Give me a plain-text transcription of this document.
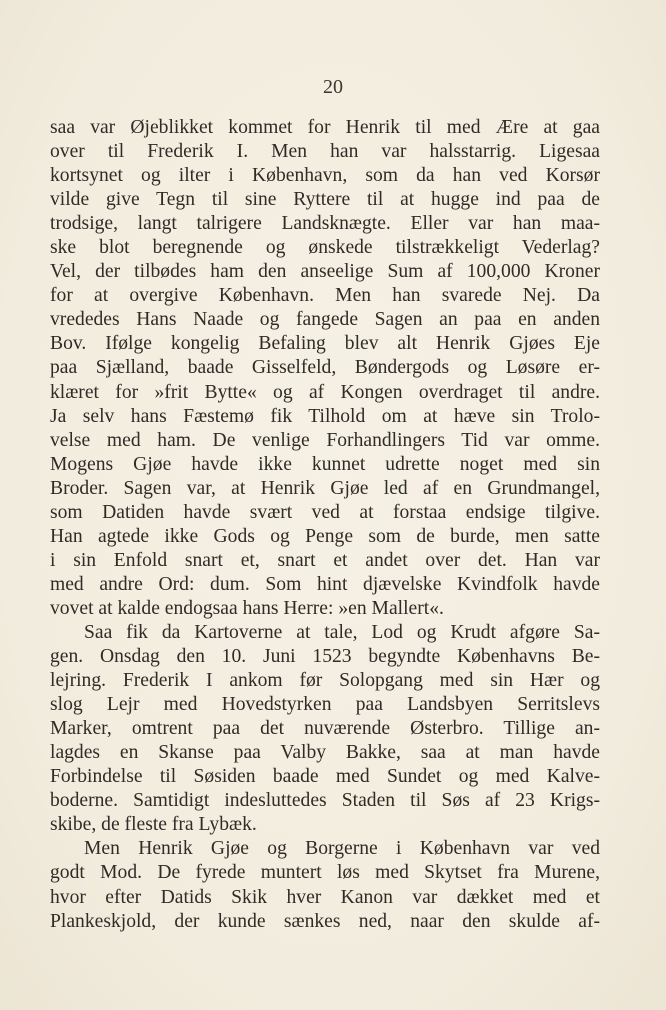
20
saa var Øjeblikket kommet for Henrik til med Ære at gaa
over til Frederik I. Men han var halsstarrig. Ligesaa
kortsynet og ilter i København, som da han ved Korsør
vilde give Tegn til sine Ryttere til at hugge ind paa de
trodsige, langt talrigere Landsknægte. Eller var han maa-
ske blot beregnende og ønskede tilstrækkeligt Vederlag?
Vel, der tilbødes ham den anseelige Sum af 100,000 Kroner
for at overgive København. Men han svarede Nej. Da
vrededes Hans Naade og fangede Sagen an paa en anden
Bov. Ifølge kongelig Befaling blev alt Henrik Gjøes Eje
paa Sjælland, baade Gisselfeld, Bøndergods og Løsøre er-
klæret for »frit Bytte« og af Kongen overdraget til andre.
Ja selv hans Fæstemø fik Tilhold om at hæve sin Trolo-
velse med ham. De venlige Forhandlingers Tid var omme.
Mogens Gjøe havde ikke kunnet udrette noget med sin
Broder. Sagen var, at Henrik Gjøe led af en Grundmangel,
som Datiden havde svært ved at forstaa endsige tilgive.
Han agtede ikke Gods og Penge som de burde, men satte
i sin Enfold snart et, snart et andet over det. Han var
med andre Ord: dum. Som hint djævelske Kvindfolk havde
vovet at kalde endogsaa hans Herre: »en Mallert«.
Saa fik da Kartoverne at tale, Lod og Krudt afgøre Sa-
gen. Onsdag den 10. Juni 1523 begyndte Københavns Be-
lejring. Frederik I ankom før Solopgang med sin Hær og
slog Lejr med Hovedstyrken paa Landsbyen Serritslevs
Marker, omtrent paa det nuværende Østerbro. Tillige an-
lagdes en Skanse paa Valby Bakke, saa at man havde
Forbindelse til Søsiden baade med Sundet og med Kalve-
boderne. Samtidigt indesluttedes Staden til Søs af 23 Krigs-
skibe, de fleste fra Lybæk.
Men Henrik Gjøe og Borgerne i København var ved
godt Mod. De fyrede muntert løs med Skytset fra Murene,
hvor efter Datids Skik hver Kanon var dækket med et
Plankeskjold, der kunde sænkes ned, naar den skulde af-
